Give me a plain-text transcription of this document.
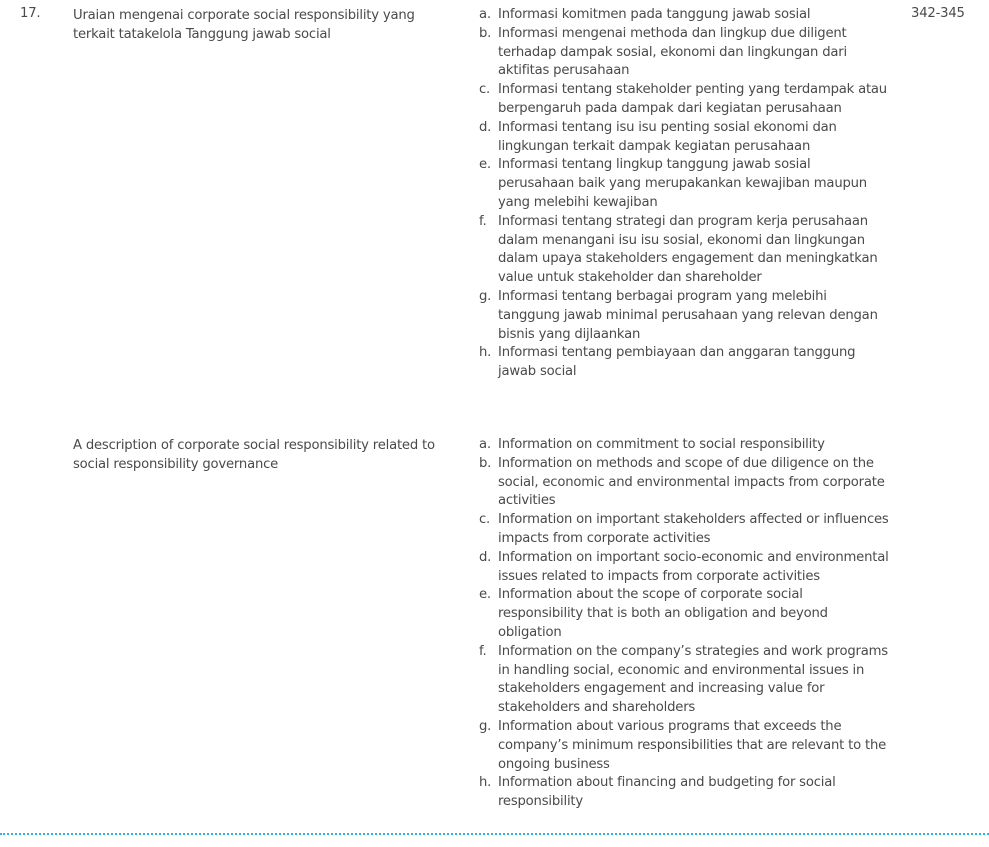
17. Uraian mengenai corporate social responsibility yang terkait tatakelola Tanggung jawab social
a. Informasi komitmen pada tanggung jawab sosial
b. Informasi mengenai methoda dan lingkup due diligent terhadap dampak sosial, ekonomi dan lingkungan dari aktifitas perusahaan
c. Informasi tentang stakeholder penting yang terdampak atau berpengaruh pada dampak dari kegiatan perusahaan
d. Informasi tentang isu isu penting sosial ekonomi dan lingkungan terkait dampak kegiatan perusahaan
e. Informasi tentang lingkup tanggung jawab sosial perusahaan baik yang merupakankan kewajiban maupun yang melebihi kewajiban
f. Informasi tentang strategi dan program kerja perusahaan dalam menangani isu isu sosial, ekonomi dan lingkungan dalam upaya stakeholders engagement dan meningkatkan value untuk stakeholder dan shareholder
g. Informasi tentang berbagai program yang melebihi tanggung jawab minimal perusahaan yang relevan dengan bisnis yang dijlaankan
h. Informasi tentang pembiayaan dan anggaran tanggung jawab social
342-345
A description of corporate social responsibility related to social responsibility governance
a. Information on commitment to social responsibility
b. Information on methods and scope of due diligence on the social, economic and environmental impacts from corporate activities
c. Information on important stakeholders affected or influences impacts from corporate activities
d. Information on important socio-economic and environmental issues related to impacts from corporate activities
e. Information about the scope of corporate social responsibility that is both an obligation and beyond obligation
f. Information on the company’s strategies and work programs in handling social, economic and environmental issues in stakeholders engagement and increasing value for stakeholders and shareholders
g. Information about various programs that exceeds the company’s minimum responsibilities that are relevant to the ongoing business
h. Information about financing and budgeting for social responsibility
